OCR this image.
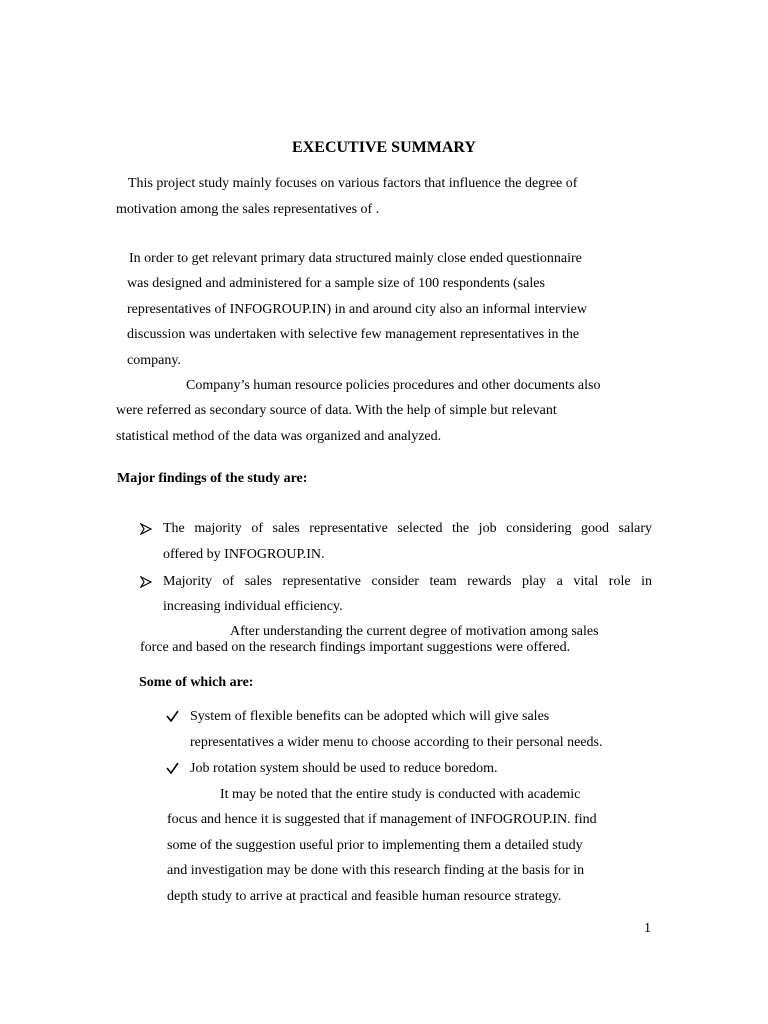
EXECUTIVE SUMMARY
This project study mainly focuses on various factors that influence the degree of
motivation among the sales representatives of .
In order to get relevant primary data structured mainly close ended questionnaire
was designed and administered for a sample size of 100 respondents (sales
representatives of INFOGROUP.IN) in and around city also an informal interview
discussion was undertaken with selective few management representatives in the
company.
Company’s human resource policies procedures and other documents also
were referred as secondary source of data. With the help of simple but relevant
statistical method of the data was organized and analyzed.
Major findings of the study are:
The majority of sales representative selected the job considering good salary
offered by INFOGROUP.IN.
Majority of sales representative consider team rewards play a vital role in
increasing individual efficiency.
After understanding the current degree of motivation among sales
force and based on the research findings important suggestions were offered.
Some of which are:
System of flexible benefits can be adopted which will give sales
representatives a wider menu to choose according to their personal needs.
Job rotation system should be used to reduce boredom.
It may be noted that the entire study is conducted with academic
focus and hence it is suggested that if management of INFOGROUP.IN. find
some of the suggestion useful prior to implementing them a detailed study
and investigation may be done with this research finding at the basis for in
depth study to arrive at practical and feasible human resource strategy.
1
